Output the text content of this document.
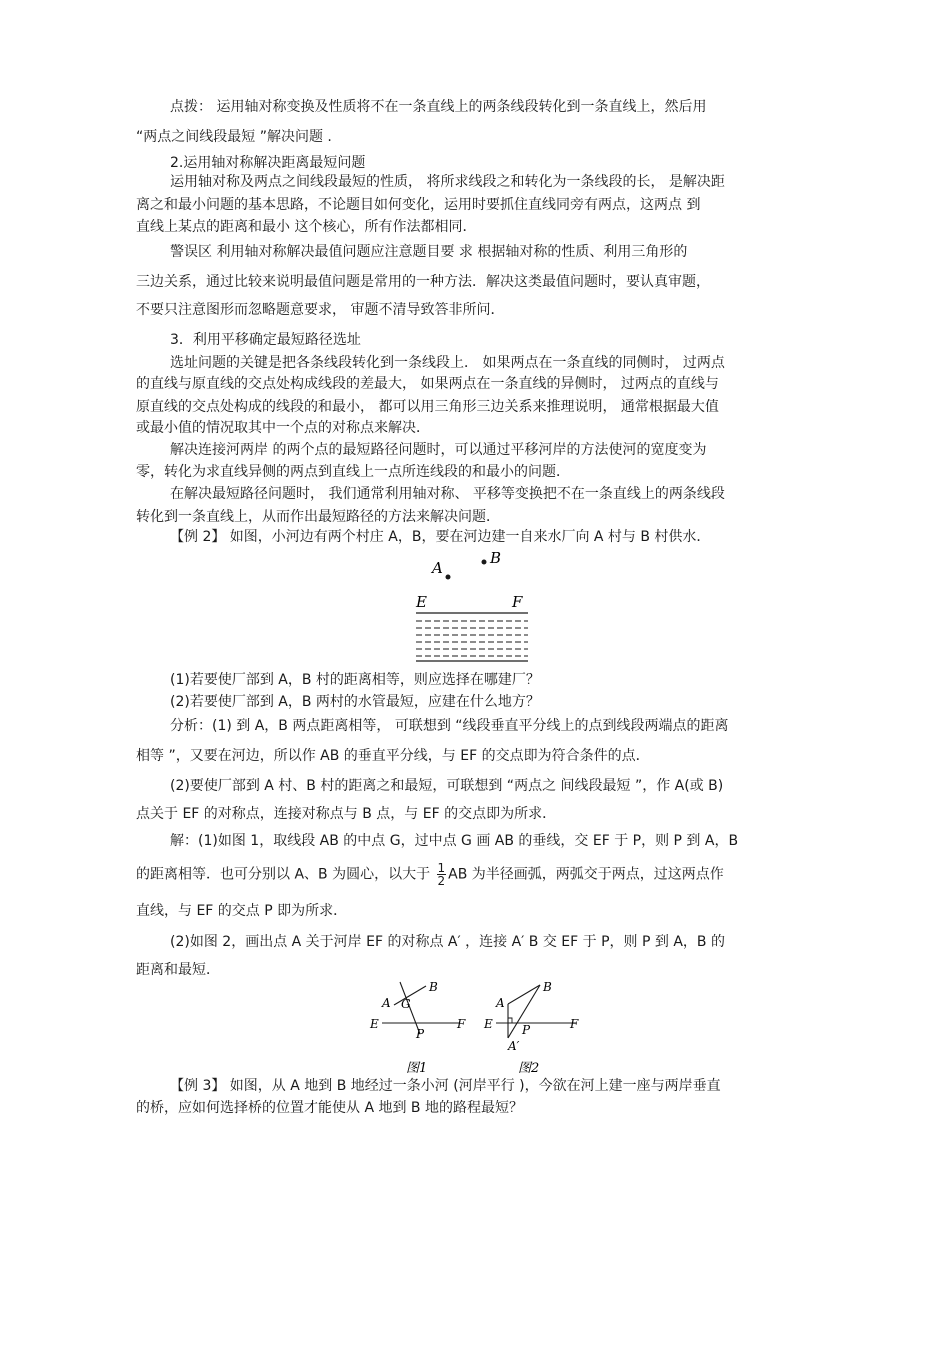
点拨： 运用轴对称变换及性质将不在一条直线上的两条线段转化到一条直线上，然后用
“两点之间线段最短 ”解决问题 .
2.运用轴对称解决距离最短问题
运用轴对称及两点之间线段最短的性质， 将所求线段之和转化为一条线段的长， 是解决距
离之和最小问题的基本思路，不论题目如何变化，运用时要抓住直线同旁有两点，这两点 到
直线上某点的距离和最小 这个核心，所有作法都相同．
警误区 利用轴对称解决最值问题应注意题目要 求 根据轴对称的性质、利用三角形的
三边关系，通过比较来说明最值问题是常用的一种方法．解决这类最值问题时，要认真审题，
不要只注意图形而忽略题意要求， 审题不清导致答非所问．
3．利用平移确定最短路径选址
选址问题的关键是把各条线段转化到一条线段上． 如果两点在一条直线的同侧时， 过两点
的直线与原直线的交点处构成线段的差最大， 如果两点在一条直线的异侧时， 过两点的直线与
原直线的交点处构成的线段的和最小， 都可以用三角形三边关系来推理说明， 通常根据最大值
或最小值的情况取其中一个点的对称点来解决．
解决连接河两岸 的两个点的最短路径问题时，可以通过平移河岸的方法使河的宽度变为
零，转化为求直线异侧的两点到直线上一点所连线段的和最小的问题．
在解决最短路径问题时， 我们通常利用轴对称、 平移等变换把不在一条直线上的两条线段
转化到一条直线上，从而作出最短路径的方法来解决问题．
【例 2】 如图，小河边有两个村庄 A，B，要在河边建一自来水厂向 A 村与 B 村供水．
A
B
E	F
(1)若要使厂部到 A，B 村的距离相等，则应选择在哪建厂？
(2)若要使厂部到 A，B 两村的水管最短，应建在什么地方？
分析：(1) 到 A，B 两点距离相等， 可联想到 “线段垂直平分线上的点到线段两端点的距离
相等 ”，又要在河边，所以作 AB 的垂直平分线，与 EF 的交点即为符合条件的点．
(2)要使厂部到 A 村、B 村的距离之和最短，可联想到 “两点之 间线段最短 ”，作 A(或 B)
点关于 EF 的对称点，连接对称点与 B 点，与 EF 的交点即为所求．
解：(1)如图 1，取线段 AB 的中点 G，过中点 G 画 AB 的垂线，交 EF 于 P，则 P 到 A，B
的距离相等．也可分别以 A、B 为圆心，以大于 $\frac{1}{2}$ AB 为半径画弧，两弧交于两点，过这两点作
直线，与 EF 的交点 P 即为所求．
(2)如图 2，画出点 A 关于河岸 EF 的对称点 A′ ，连接 A′ B 交 EF 于 P，则 P 到 A，B 的
距离和最短．
A
B
G
E	F
P
图1
A
B
E	F
P
A′
图2
【例 3】 如图，从 A 地到 B 地经过一条小河 (河岸平行 )，今欲在河上建一座与两岸垂直
的桥，应如何选择桥的位置才能使从 A 地到 B 地的路程最短？
